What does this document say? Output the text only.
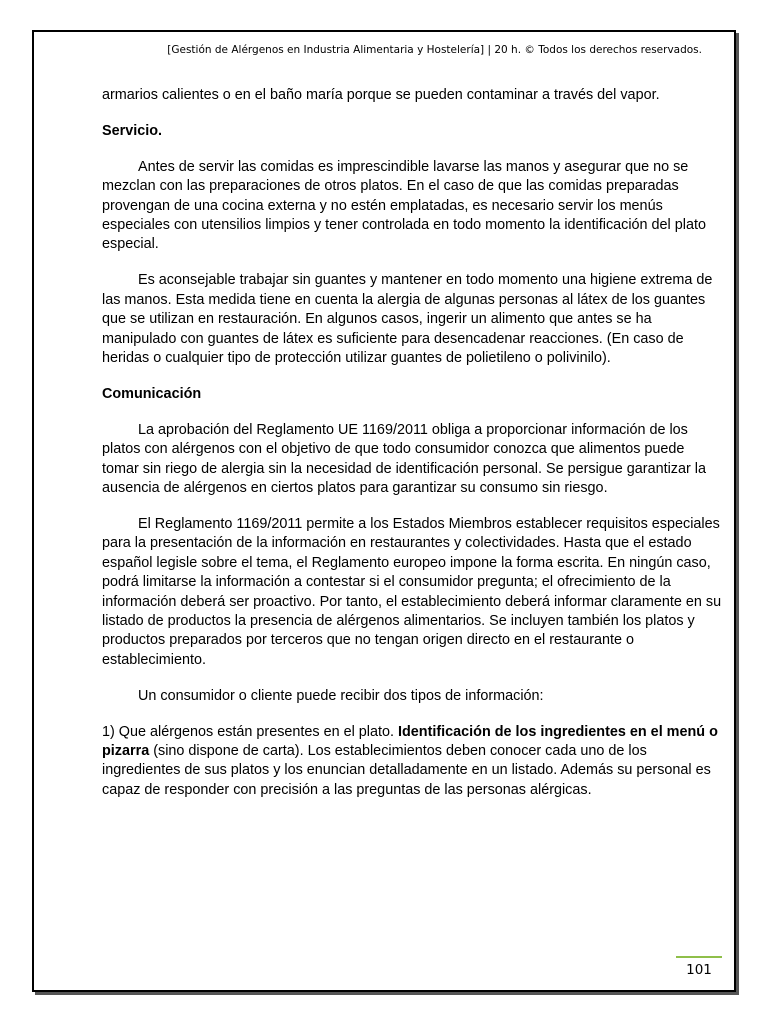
[Gestión de Alérgenos en Industria Alimentaria y Hostelería] | 20 h. © Todos los derechos reservados.

armarios calientes o en el baño maría porque se pueden contaminar a través del vapor.

Servicio.

Antes de servir las comidas es imprescindible lavarse las manos y asegurar que no se mezclan con las preparaciones de otros platos. En el caso de que las comidas preparadas provengan de una cocina externa y no estén emplatadas, es necesario servir los menús especiales con utensilios limpios y tener controlada en todo momento la identificación del plato especial.

Es aconsejable trabajar sin guantes y mantener en todo momento una higiene extrema de las manos. Esta medida tiene en cuenta la alergia de algunas personas al látex de los guantes que se utilizan en restauración. En algunos casos, ingerir un alimento que antes se ha manipulado con guantes de látex es suficiente para desencadenar reacciones. (En caso de heridas o cualquier tipo de protección utilizar guantes de polietileno o polivinilo).

Comunicación

La aprobación del Reglamento UE 1169/2011 obliga a proporcionar información de los platos con alérgenos con el objetivo de que todo consumidor conozca que alimentos puede tomar sin riego de alergia sin la necesidad de identificación personal. Se persigue garantizar la ausencia de alérgenos en ciertos platos para garantizar su consumo sin riesgo.

El Reglamento 1169/2011 permite a los Estados Miembros establecer requisitos especiales para la presentación de la información en restaurantes y colectividades. Hasta que el estado español legisle sobre el tema, el Reglamento europeo impone la forma escrita. En ningún caso, podrá limitarse la información a contestar si el consumidor pregunta; el ofrecimiento de la información deberá ser proactivo. Por tanto, el establecimiento deberá informar claramente en su listado de productos la presencia de alérgenos alimentarios. Se incluyen también los platos y productos preparados por terceros que no tengan origen directo en el restaurante o establecimiento.

Un consumidor o cliente puede recibir dos tipos de información:

1) Que alérgenos están presentes en el plato. Identificación de los ingredientes en el menú o pizarra (sino dispone de carta). Los establecimientos deben conocer cada uno de los ingredientes de sus platos y los enuncian detalladamente en un listado. Además su personal es capaz de responder con precisión a las preguntas de las personas alérgicas.

101
